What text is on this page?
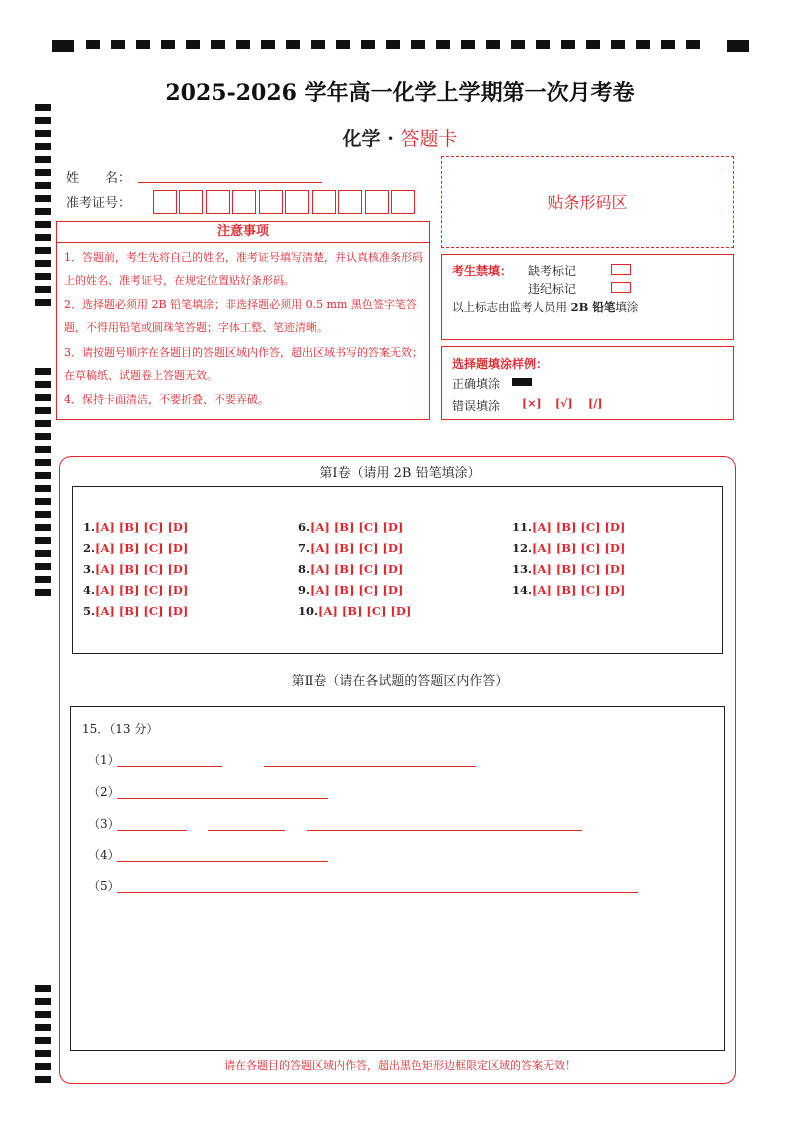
2025-2026 学年高一化学上学期第一次月考卷
化学 · 答题卡
姓　　名：
准考证号：	贴条形码区
注意事项
1．答题前，考生先将自己的姓名，准考证号填写清楚，并认真核准条形码上的姓名、准考证号，在规定位置贴好条形码。
2．选择题必须用 2B 铅笔填涂；非选择题必须用 0.5 mm 黑色签字笔答题，不得用铅笔或圆珠笔答题；字体工整、笔迹清晰。
3．请按题号顺序在各题目的答题区域内作答，超出区域书写的答案无效；在草稿纸、试题卷上答题无效。
4．保持卡面清洁，不要折叠、不要弄破。
考生禁填： 缺考标记
违纪标记
以上标志由监考人员用 2B 铅笔填涂
选择题填涂样例：
正确填涂
错误填涂 [×] [√] [/]
第Ⅰ卷（请用 2B 铅笔填涂）
1.[A] [B] [C] [D]
2.[A] [B] [C] [D]
3.[A] [B] [C] [D]
4.[A] [B] [C] [D]
5.[A] [B] [C] [D]
6.[A] [B] [C] [D]
7.[A] [B] [C] [D]
8.[A] [B] [C] [D]
9.[A] [B] [C] [D]
10.[A] [B] [C] [D]
11.[A] [B] [C] [D]
12.[A] [B] [C] [D]
13.[A] [B] [C] [D]
14.[A] [B] [C] [D]
第Ⅱ卷（请在各试题的答题区内作答）
15．（13 分）
（1）
（2）
（3）
（4）
（5）
请在各题目的答题区域内作答，超出黑色矩形边框限定区域的答案无效！
